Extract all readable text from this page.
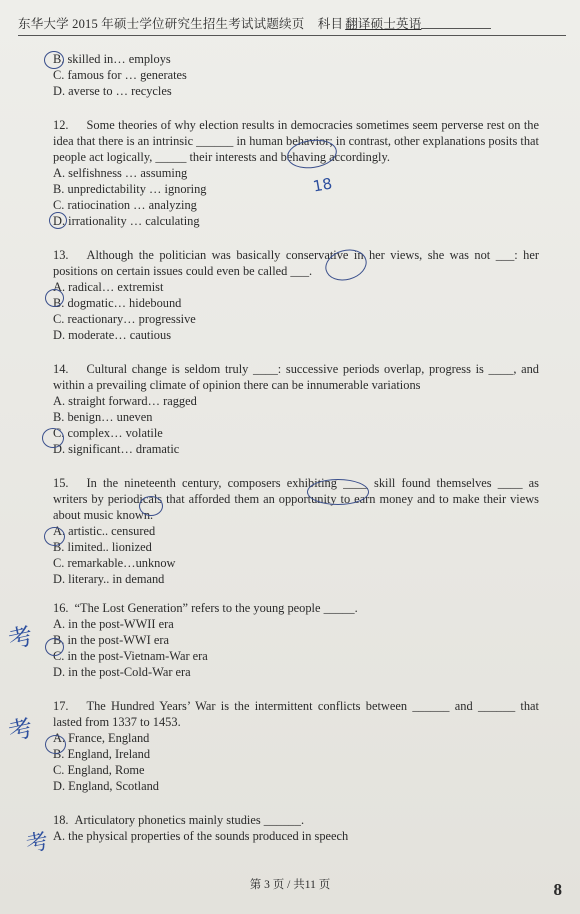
东华大学 2015 年硕士学位研究生招生考试试题续页 科目 翻译硕士英语

B. skilled in… employs

C. famous for … generates

D. averse to … recycles

12. Some theories of why election results in democracies sometimes seem perverse rest on the idea that there is an intrinsic ______ in human behavior; in contrast, other explanations posits that people act logically, _____ their interests and behaving accordingly.

A. selfishness … assuming

B. unpredictability … ignoring

C. ratiocination … analyzing

D. irrationality … calculating

13. Although the politician was basically conservative in her views, she was not ___: her positions on certain issues could even be called ___.

A. radical… extremist

B. dogmatic… hidebound

C. reactionary… progressive

D. moderate… cautious

14. Cultural change is seldom truly ____: successive periods overlap, progress is ____, and within a prevailing climate of opinion there can be innumerable variations

A. straight forward… ragged

B. benign… uneven

C. complex… volatile

D. significant… dramatic

15. In the nineteenth century, composers exhibiting ____ skill found themselves ____ as writers by periodicals that afforded them an opportunity to earn money and to make their views about music known.

A. artistic.. censured

B. limited.. lionized

C. remarkable…unknow

D. literary.. in demand

16. “The Lost Generation” refers to the young people _____.

A. in the post-WWII era

B. in the post-WWI era

C. in the post-Vietnam-War era

D. in the post-Cold-War era

17. The Hundred Years’ War is the intermittent conflicts between ______ and ______ that lasted from 1337 to 1453.

A. France, England

B. England, Ireland

C. England, Rome

D. England, Scotland

18. Articulatory phonetics mainly studies ______.

A. the physical properties of the sounds produced in speech

18
考
考
考
第 3 页 / 共11 页	8
